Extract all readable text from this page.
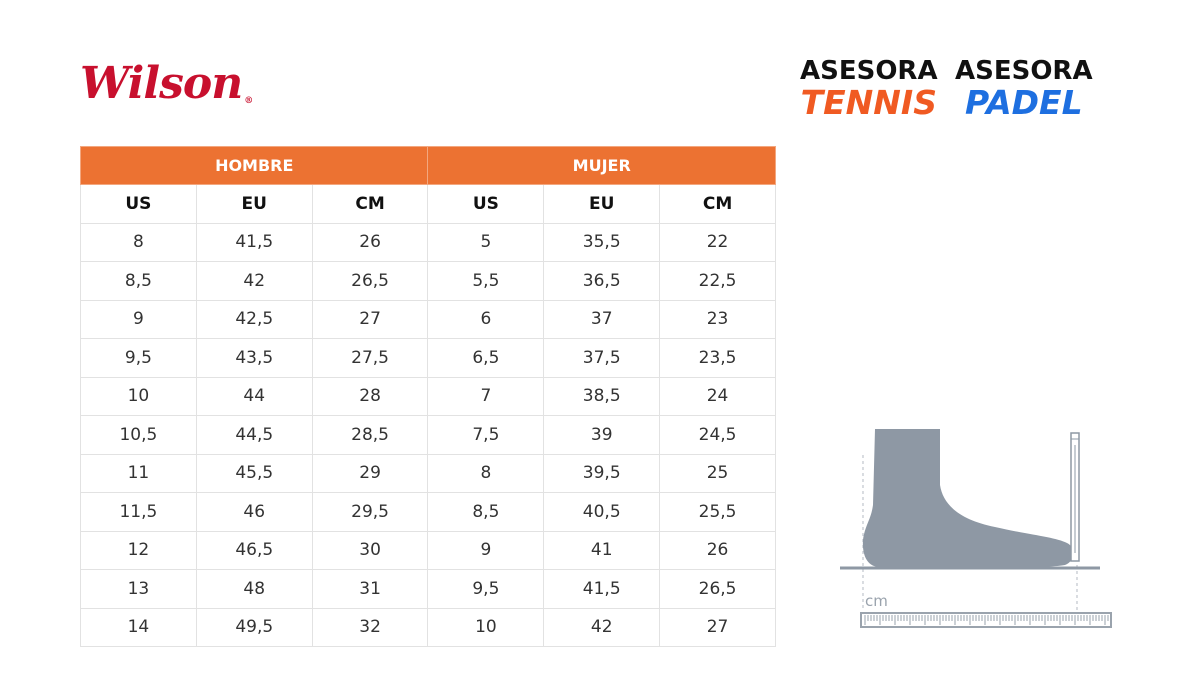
Wilson ®
ASESORA
TENNIS
ASESORA
PADEL
HOMBRE			MUJER		
US	EU	CM	US	EU	CM
8	41,5	26	5	35,5	22
8,5	42	26,5	5,5	36,5	22,5
9	42,5	27	6	37	23
9,5	43,5	27,5	6,5	37,5	23,5
10	44	28	7	38,5	24
10,5	44,5	28,5	7,5	39	24,5
11	45,5	29	8	39,5	25
11,5	46	29,5	8,5	40,5	25,5
12	46,5	30	9	41	26
13	48	31	9,5	41,5	26,5
14	49,5	32	10	42	27
cm
